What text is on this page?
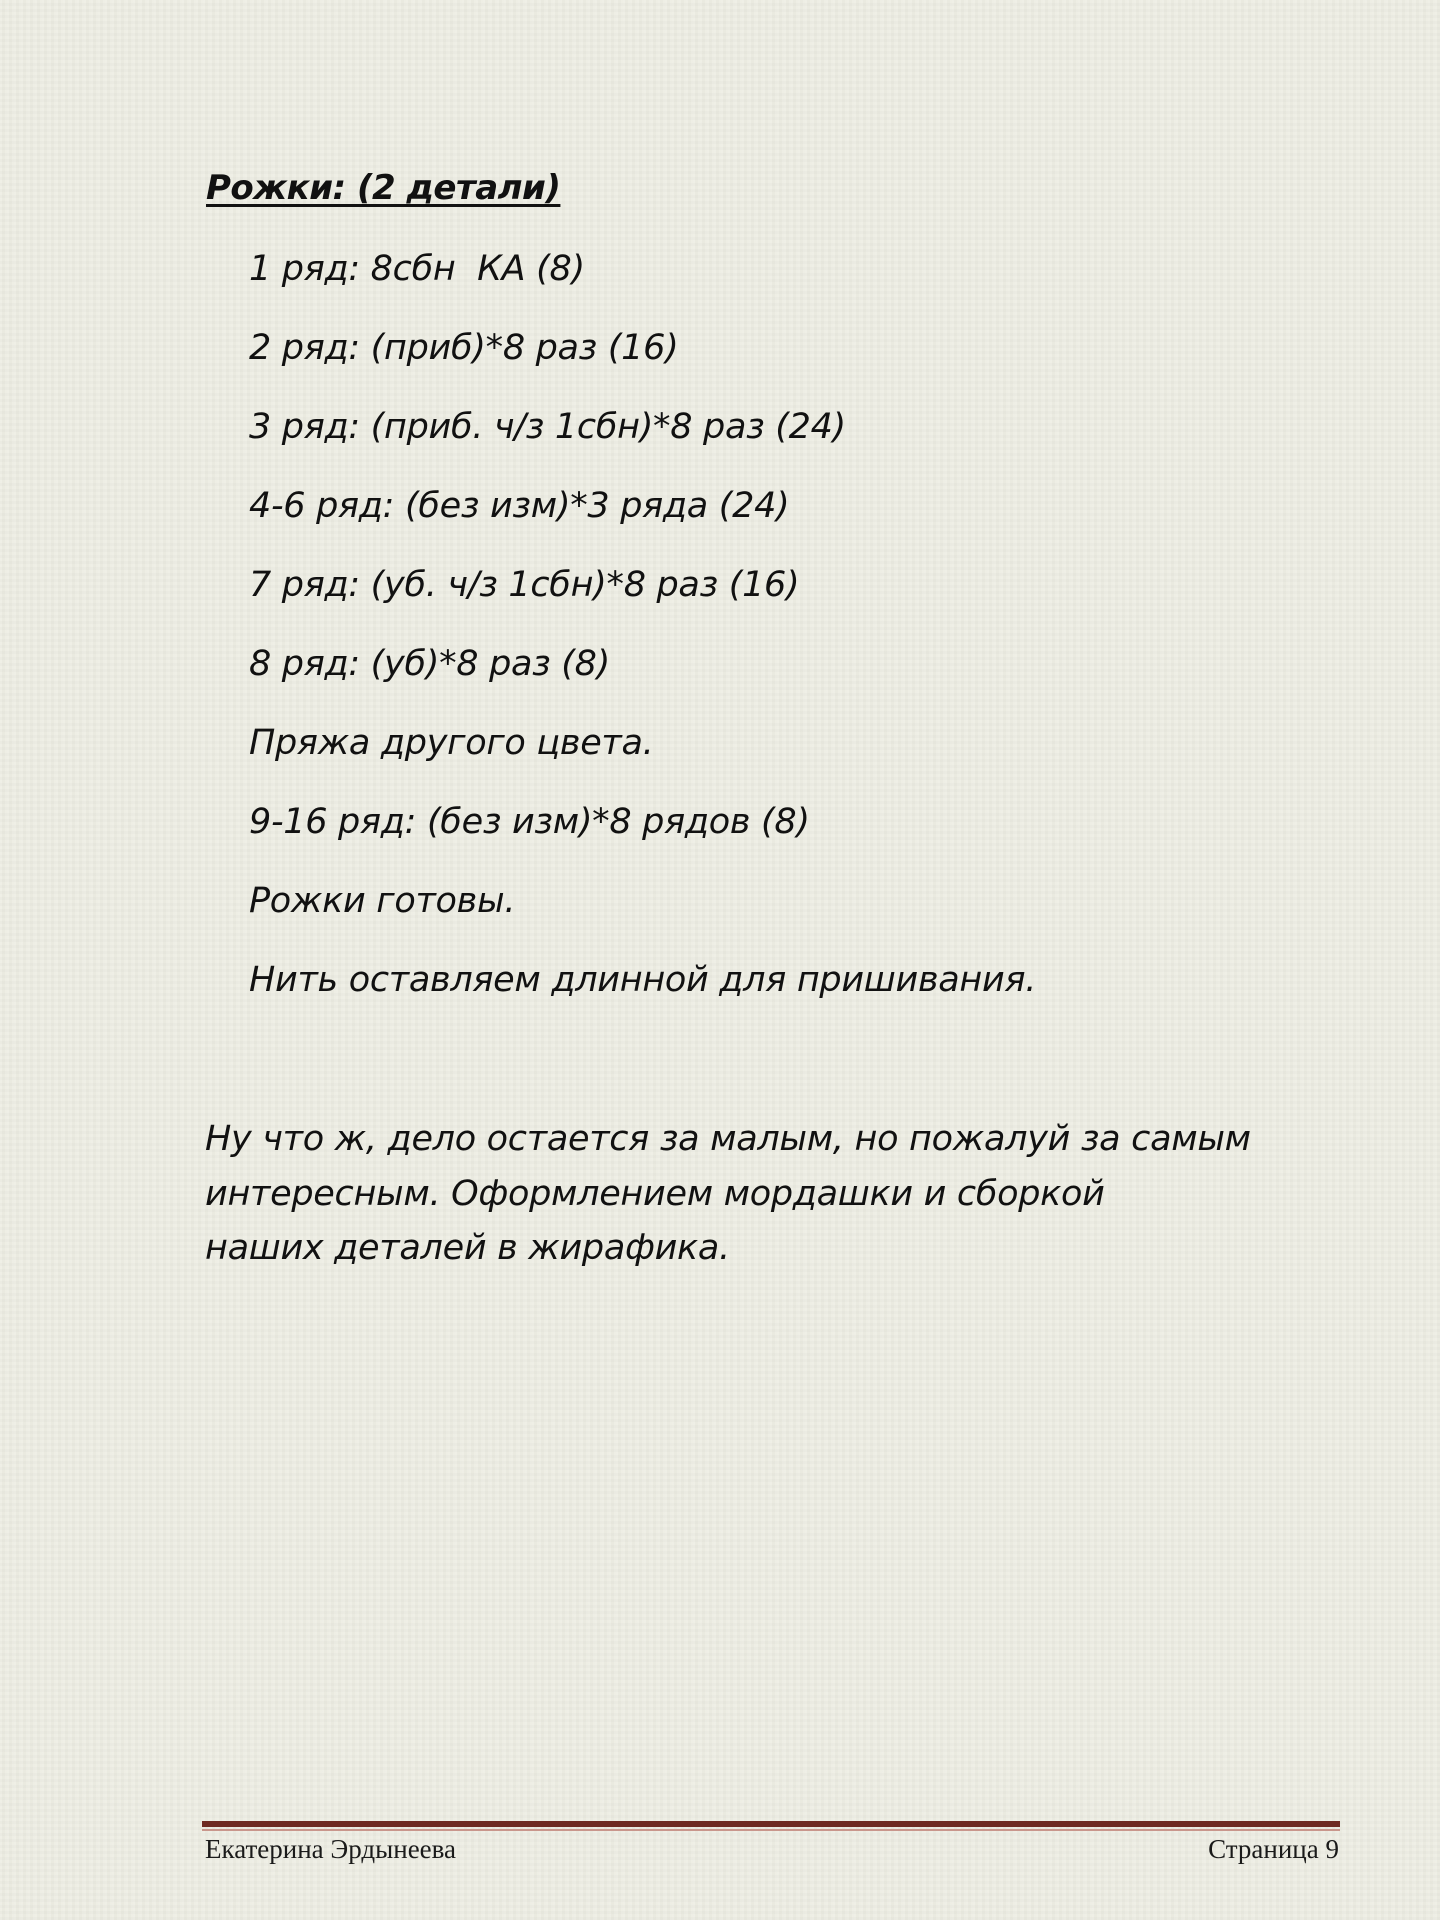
Рожки: (2 детали)
1 ряд: 8сбн  КА (8)
2 ряд: (приб)*8 раз (16)
3 ряд: (приб. ч/з 1сбн)*8 раз (24)
4-6 ряд: (без изм)*3 ряда (24)
7 ряд: (уб. ч/з 1сбн)*8 раз (16)
8 ряд: (уб)*8 раз (8)
Пряжа другого цвета.
9-16 ряд: (без изм)*8 рядов (8)
Рожки готовы.
Нить оставляем длинной для пришивания.

Ну что ж, дело остается за малым, но пожалуй за самым
интересным. Оформлением мордашки и сборкой
наших деталей в жирафика.

Екатерина Эрдынеева	Страница 9
